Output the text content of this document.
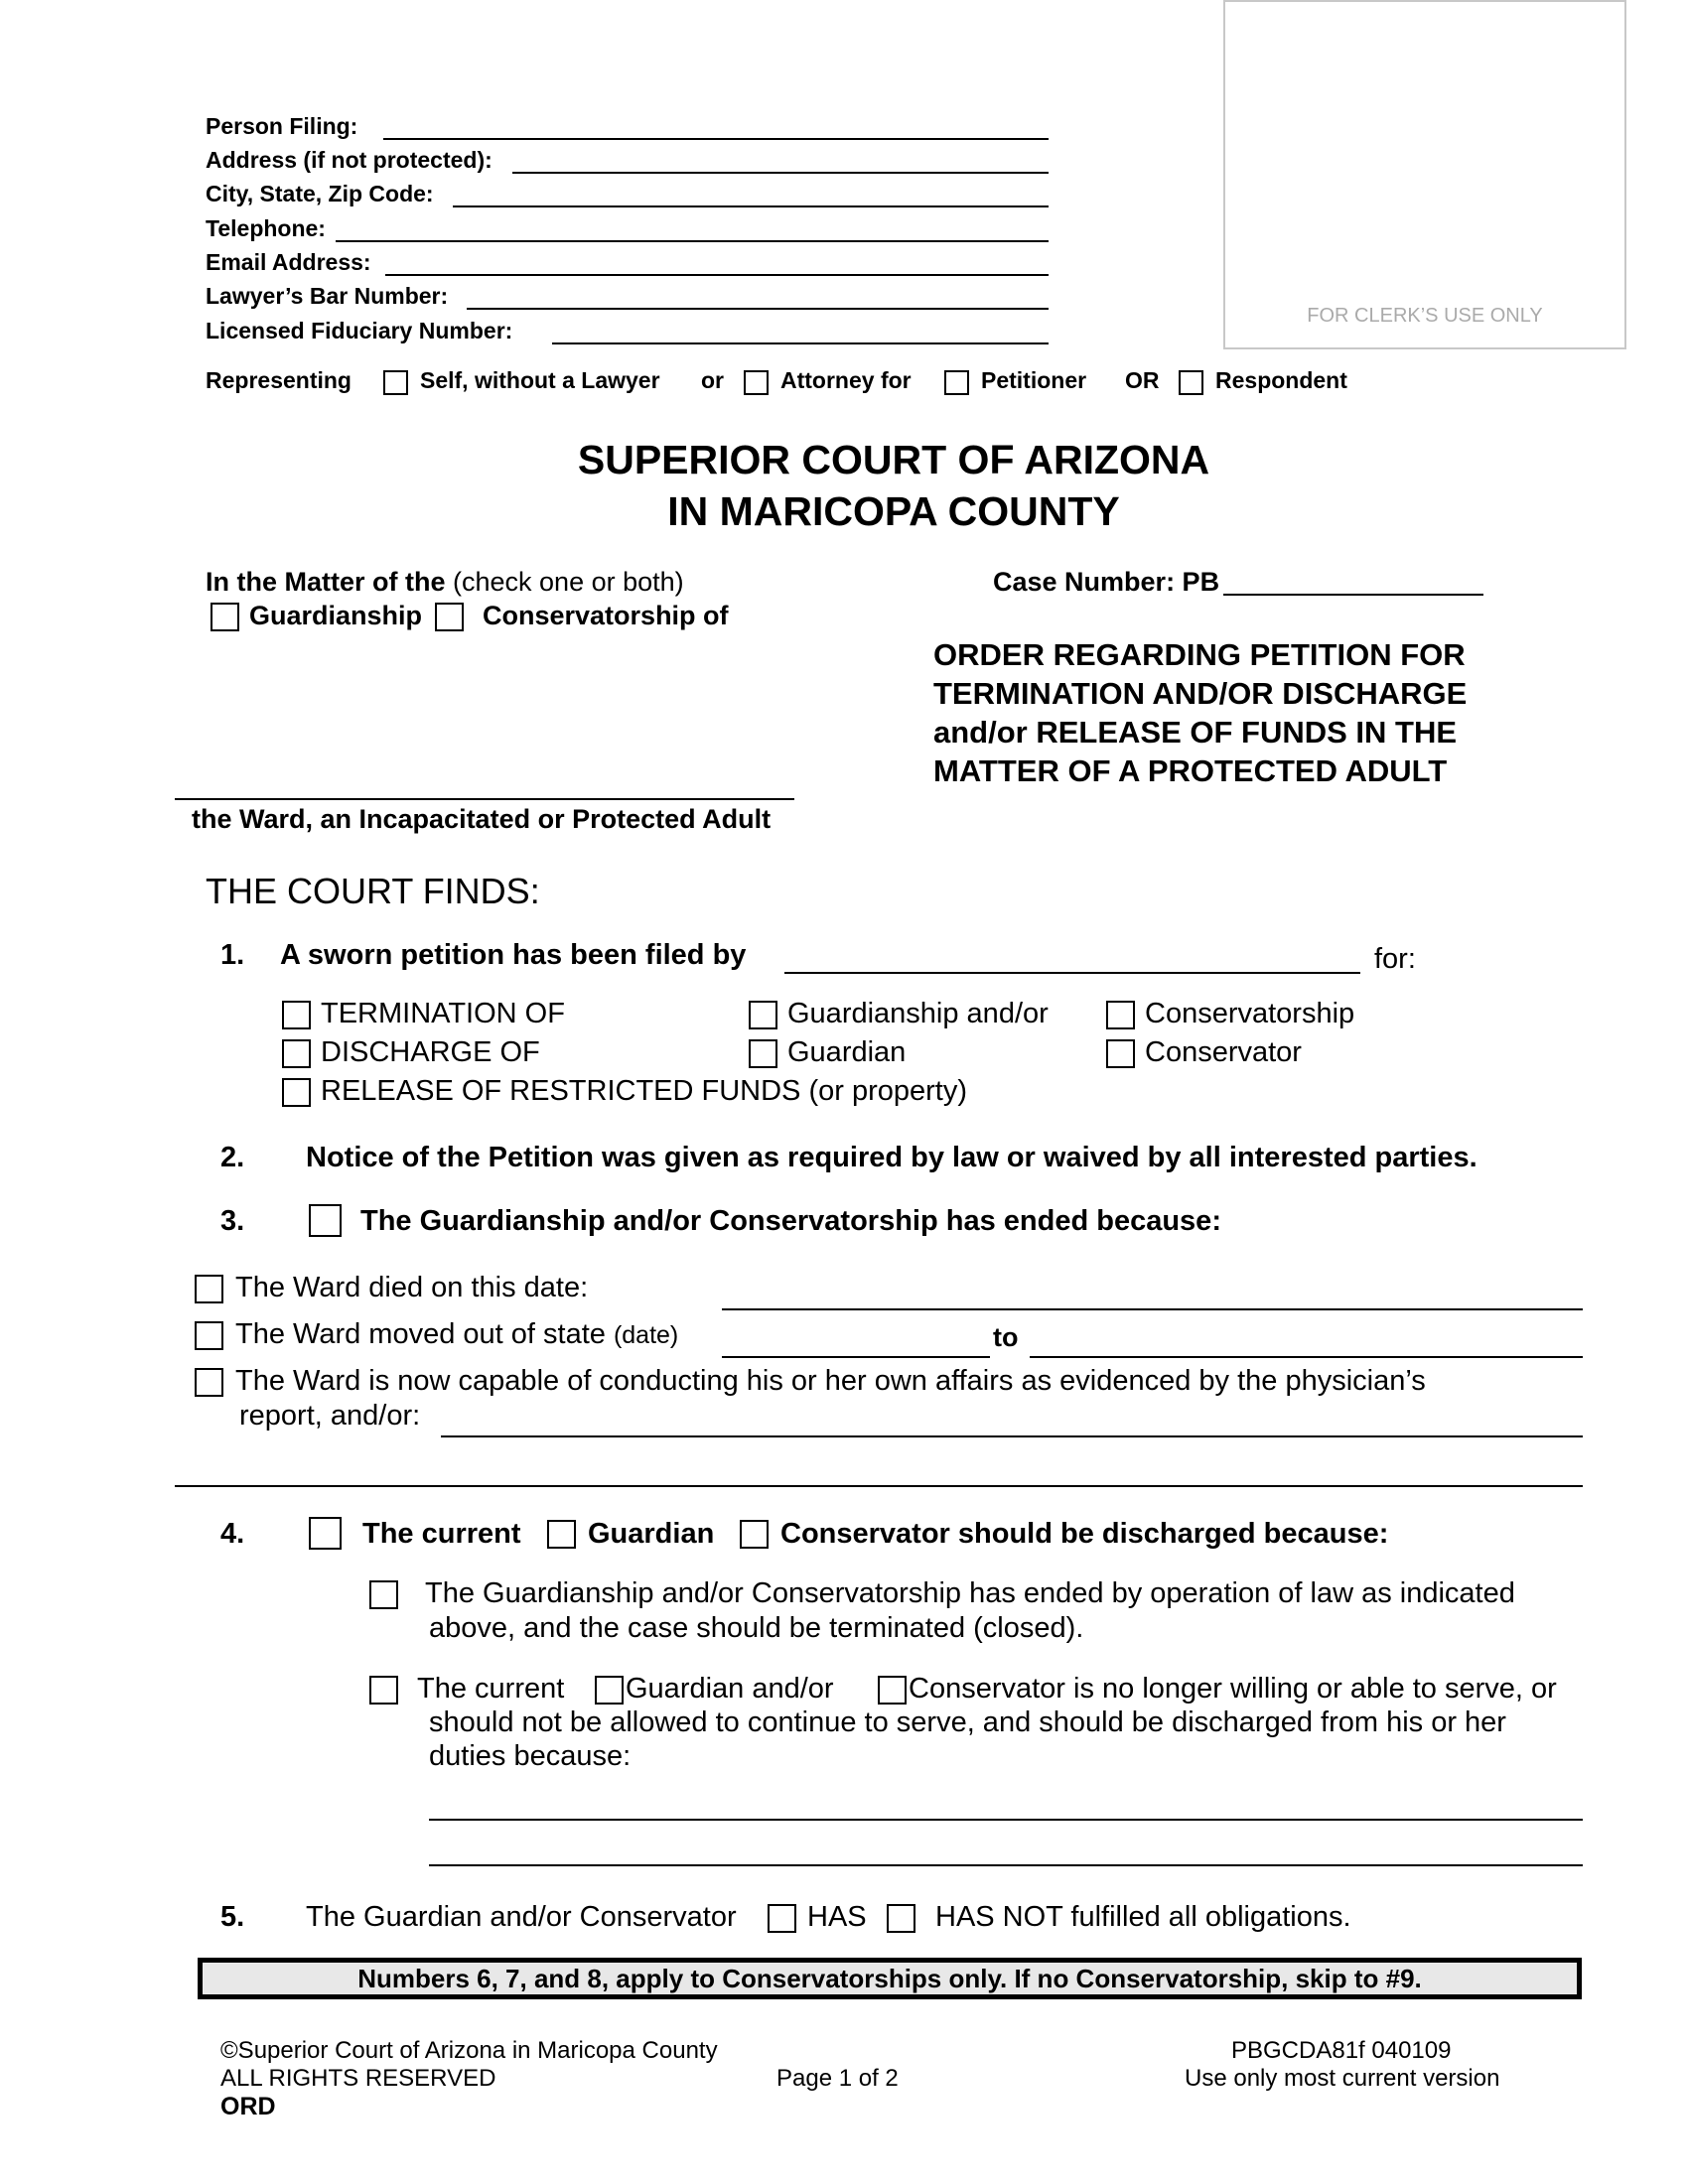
Person Filing:
Address (if not protected):
City, State, Zip Code:
Telephone:
Email Address:
Lawyer’s Bar Number:
Licensed Fiduciary Number:
FOR CLERK’S USE ONLY
Representing	Self, without a Lawyer or Attorney for	Petitioner OR Respondent
SUPERIOR COURT OF ARIZONA
IN MARICOPA COUNTY
In the Matter of the (check one or both)
Guardianship Conservatorship of
the Ward, an Incapacitated or Protected Adult
Case Number: PB
ORDER REGARDING PETITION FOR
TERMINATION AND/OR DISCHARGE
and/or RELEASE OF FUNDS IN THE
MATTER OF A PROTECTED ADULT
THE COURT FINDS:
1. A sworn petition has been filed by	for:
TERMINATION OF	Guardianship and/or	Conservatorship
DISCHARGE OF	Guardian	Conservator
RELEASE OF RESTRICTED FUNDS (or property)
2. Notice of the Petition was given as required by law or waived by all interested parties.
3.	The Guardianship and/or Conservatorship has ended because:
The Ward died on this date:
The Ward moved out of state (date)	to
The Ward is now capable of conducting his or her own affairs as evidenced by the physician’s
report, and/or:
4.	The current Guardian Conservator should be discharged because:
The Guardianship and/or Conservatorship has ended by operation of law as indicated
above, and the case should be terminated (closed).
The current Guardian and/or	Conservator is no longer willing or able to serve, or
should not be allowed to continue to serve, and should be discharged from his or her
duties because:
5. The Guardian and/or Conservator HAS HAS NOT fulfilled all obligations.
Numbers 6, 7, and 8, apply to Conservatorships only. If no Conservatorship, skip to #9.
©Superior Court of Arizona in Maricopa County
ALL RIGHTS RESERVED
ORD
Page 1 of 2
PBGCDA81f 040109
Use only most current version
